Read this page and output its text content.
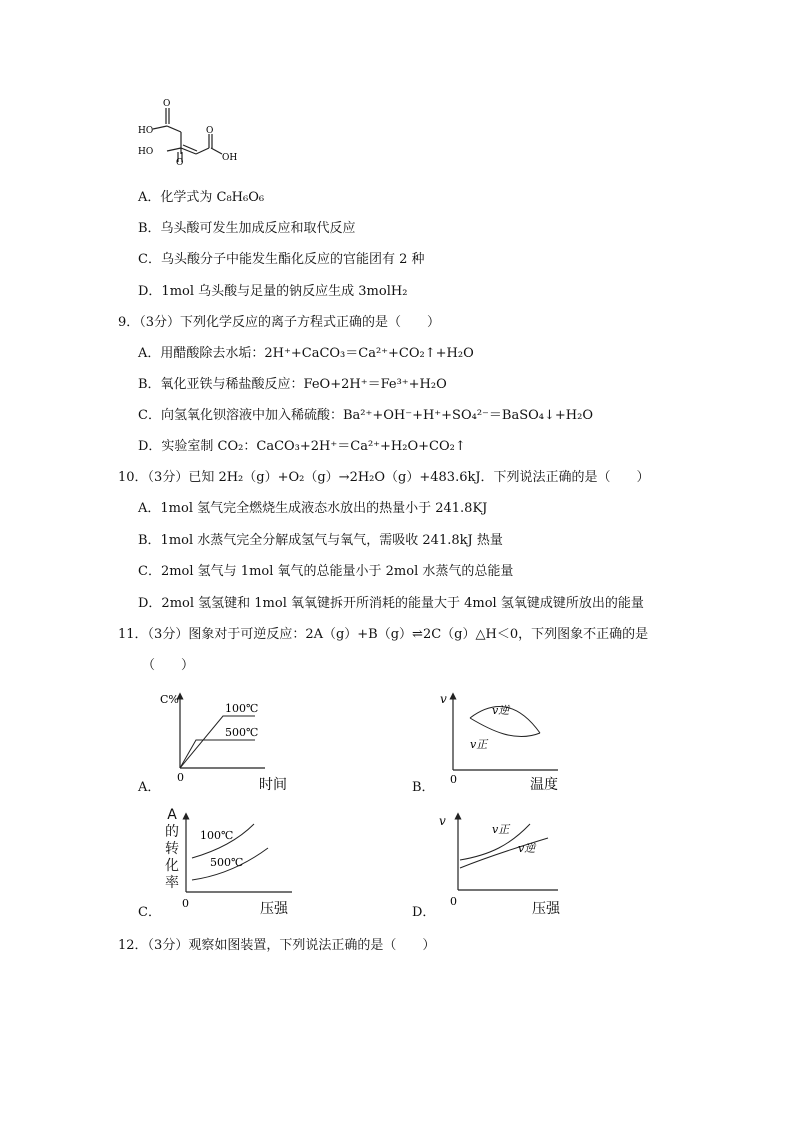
O
HO
HO
O
O
OH
A．化学式为 C₈H₆O₆
B．乌头酸可发生加成反应和取代反应
C．乌头酸分子中能发生酯化反应的官能团有 2 种
D．1mol 乌头酸与足量的钠反应生成 3molH₂
9．（3分）下列化学反应的离子方程式正确的是（　　）
A．用醋酸除去水垢：2H⁺+CaCO₃＝Ca²⁺+CO₂↑+H₂O
B．氧化亚铁与稀盐酸反应：FeO+2H⁺＝Fe³⁺+H₂O
C．向氢氧化钡溶液中加入稀硫酸：Ba²⁺+OH⁻+H⁺+SO₄²⁻＝BaSO₄↓+H₂O
D．实验室制 CO₂：CaCO₃+2H⁺＝Ca²⁺+H₂O+CO₂↑
10．（3分）已知 2H₂（g）+O₂（g）→2H₂O（g）+483.6kJ．下列说法正确的是（　　）
A．1mol 氢气完全燃烧生成液态水放出的热量小于 241.8KJ
B．1mol 水蒸气完全分解成氢气与氧气，需吸收 241.8kJ 热量
C．2mol 氢气与 1mol 氧气的总能量小于 2mol 水蒸气的总能量
D．2mol 氢氢键和 1mol 氧氧键拆开所消耗的能量大于 4mol 氢氧键成键所放出的能量
11．（3分）图象对于可逆反应：2A（g）+B（g）⇌2C（g）△H＜0，下列图象不正确的是
（　　）
A．
C%
0
100℃
500℃
时间	B．
v
0
v逆
v正
温度
C．
A
的
转
化
率
100℃
500℃
0	压强	D．
v
v正
v逆
0	压强
12．（3分）观察如图装置，下列说法正确的是（　　）
